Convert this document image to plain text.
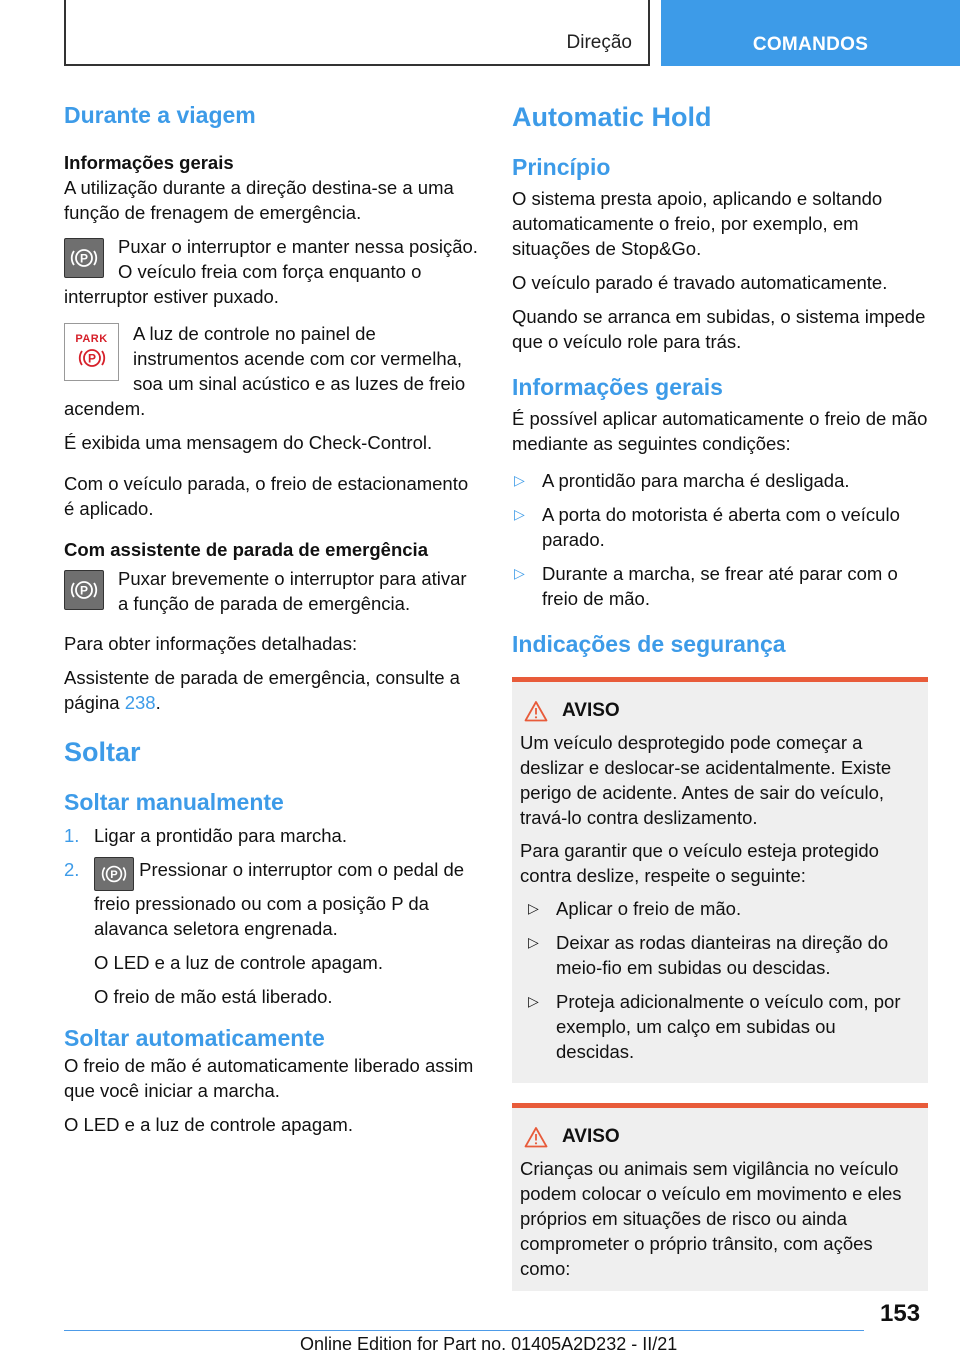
Direção	COMANDOS
Durante a viagem
Informações gerais
A utilização durante a direção destina-se a uma função de frenagem de emergência.
P
Puxar o interruptor e manter nessa posição. O veículo freia com força enquanto o interruptor estiver puxado.
PARK
P
A luz de controle no painel de instrumentos acende com cor vermelha, soa um sinal acústico e as luzes de freio acendem.
É exibida uma mensagem do Check-Control.
Com o veículo parada, o freio de estacionamento é aplicado.
Com assistente de parada de emergência
P
Puxar brevemente o interruptor para ativar a função de parada de emergência.
Para obter informações detalhadas:
Assistente de parada de emergência, consulte a página 238.
Soltar
Soltar manualmente
1. Ligar a prontidão para marcha.
2.	P Pressionar o interruptor com o pedal de freio pressionado ou com a posição P da alavanca seletora engrenada.
O LED e a luz de controle apagam.
O freio de mão está liberado.
Soltar automaticamente
O freio de mão é automaticamente liberado assim que você iniciar a marcha.
O LED e a luz de controle apagam.
Automatic Hold
Princípio
O sistema presta apoio, aplicando e soltando automaticamente o freio, por exemplo, em situações de Stop&Go.
O veículo parado é travado automaticamente.
Quando se arranca em subidas, o sistema impede que o veículo role para trás.
Informações gerais
É possível aplicar automaticamente o freio de mão mediante as seguintes condições:
▷ A prontidão para marcha é desligada.
▷ A porta do motorista é aberta com o veículo parado.
▷ Durante a marcha, se frear até parar com o freio de mão.
Indicações de segurança
AVISO
Um veículo desprotegido pode começar a deslizar e deslocar-se acidentalmente. Existe perigo de acidente. Antes de sair do veículo, travá-lo contra deslizamento.
Para garantir que o veículo esteja protegido contra deslize, respeite o seguinte:
▷ Aplicar o freio de mão.
▷ Deixar as rodas dianteiras na direção do meio-fio em subidas ou descidas.
▷ Proteja adicionalmente o veículo com, por exemplo, um calço em subidas ou descidas.
AVISO
Crianças ou animais sem vigilância no veículo podem colocar o veículo em movimento e eles próprios em situações de risco ou ainda comprometer o próprio trânsito, com ações como:
153
Online Edition for Part no. 01405A2D232 - II/21
